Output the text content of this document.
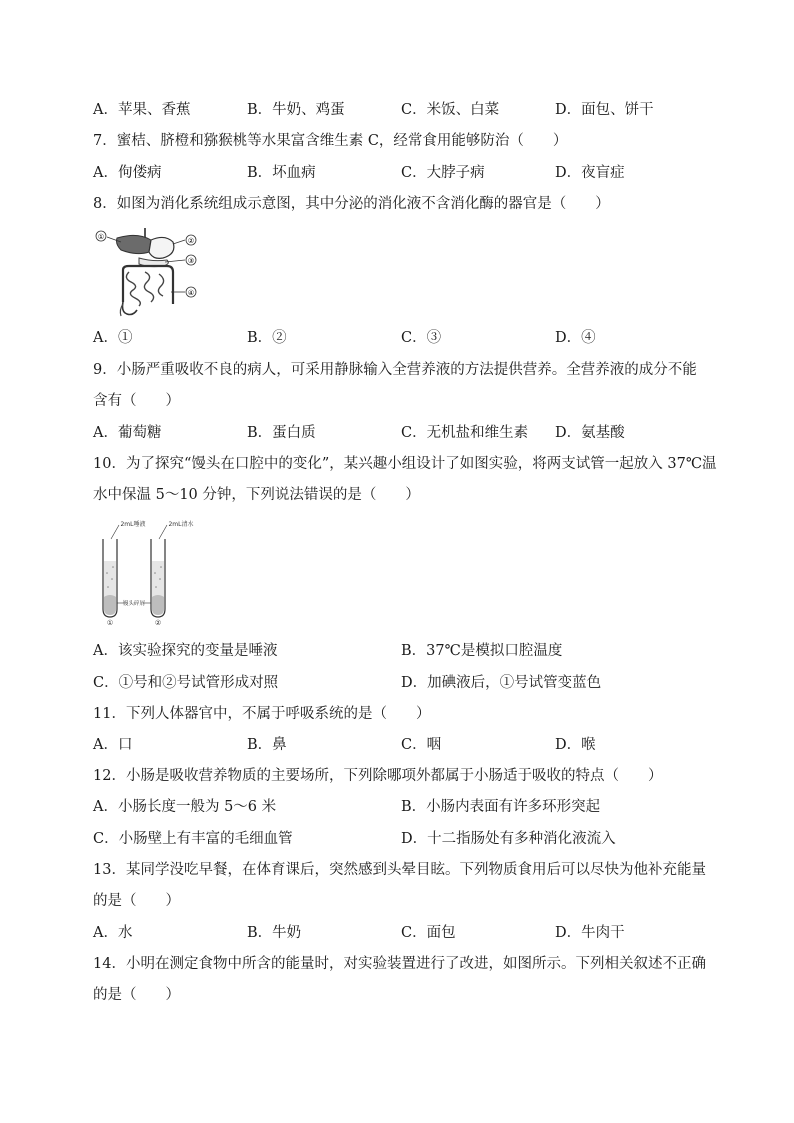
A．苹果、香蕉	B．牛奶、鸡蛋	C．米饭、白菜	D．面包、饼干
7．蜜桔、脐橙和猕猴桃等水果富含维生素 C，经常食用能够防治（　　）
A．佝偻病	B．坏血病	C．大脖子病	D．夜盲症
8．如图为消化系统组成示意图，其中分泌的消化液不含消化酶的器官是（　　）
①	②
③
④
A．①	B．②	C．③	D．④
9．小肠严重吸收不良的病人，可采用静脉输入全营养液的方法提供营养。全营养液的成分不能
含有（　　）
A．葡萄糖	B．蛋白质	C．无机盐和维生素 D．氨基酸
10．为了探究“馒头在口腔中的变化”，某兴趣小组设计了如图实验，将两支试管一起放入 37℃温
水中保温 5～10 分钟，下列说法错误的是（　　）
2mL唾液	2mL清水
馒头碎屑
①	②
A．该实验探究的变量是唾液	B．37℃是模拟口腔温度
C．①号和②号试管形成对照	D．加碘液后，①号试管变蓝色
11．下列人体器官中，不属于呼吸系统的是（　　）
A．口	B．鼻	C．咽	D．喉
12．小肠是吸收营养物质的主要场所，下列除哪项外都属于小肠适于吸收的特点（　　）
A．小肠长度一般为 5～6 米	B．小肠内表面有许多环形突起
C．小肠壁上有丰富的毛细血管	D．十二指肠处有多种消化液流入
13．某同学没吃早餐，在体育课后，突然感到头晕目眩。下列物质食用后可以尽快为他补充能量
的是（　　）
A．水	B．牛奶	C．面包	D．牛肉干
14．小明在测定食物中所含的能量时，对实验装置进行了改进，如图所示。下列相关叙述不正确
的是（　　）
